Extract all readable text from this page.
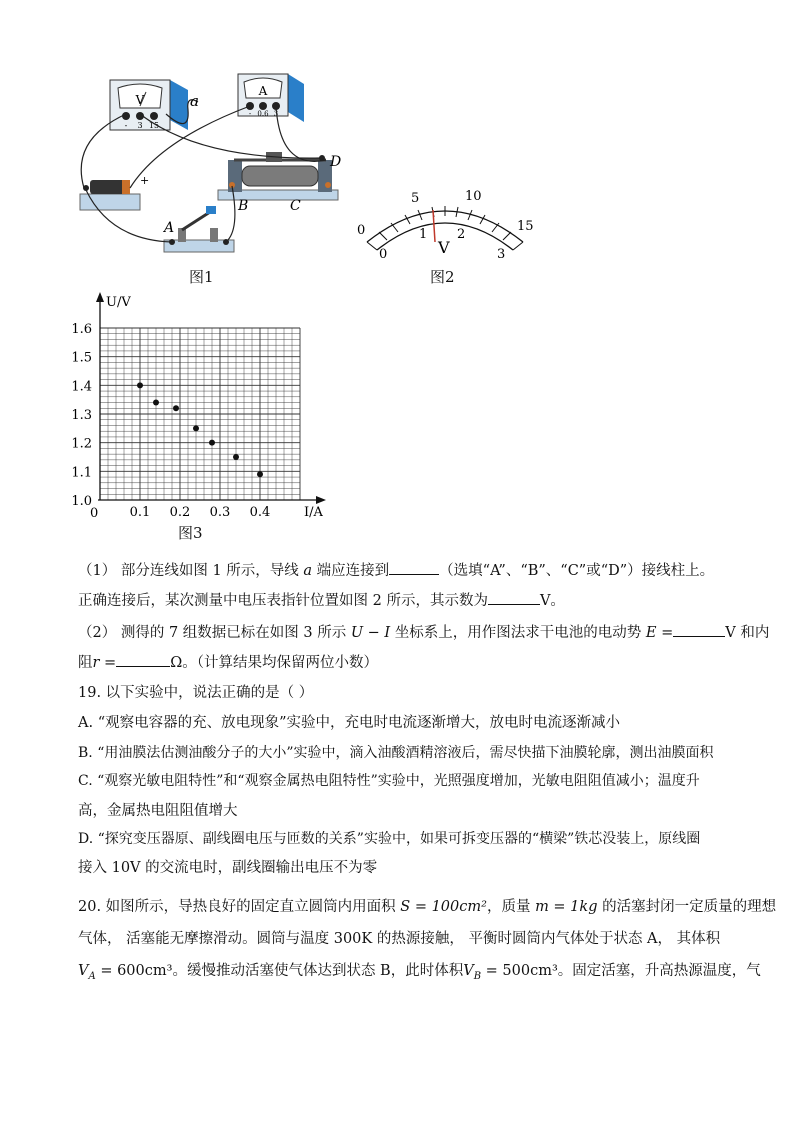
V
- 3 15
A
- 0.6 3
a
+
B	C
D
A
图1
0
5	10
15
0
1 2
3
V
图2
0.1 0.2 0.3 0.4
1.0
1.1
1.2
1.3
1.4
1.5
1.6
U/V
I/A
0
图3
（1） 部分连线如图 1 所示，导线 a 端应连接到	（选填“A”、“B”、“C”或“D”）接线柱上。
正确连接后，某次测量中电压表指针位置如图 2 所示，其示数为	V。
（2） 测得的 7 组数据已标在如图 3 所示 U − I 坐标系上，用作图法求干电池的电动势 E =	V 和内
阻r =	Ω。（计算结果均保留两位小数）
19. 以下实验中，说法正确的是（ ）
A. “观察电容器的充、放电现象”实验中，充电时电流逐渐增大，放电时电流逐渐减小
B. “用油膜法估测油酸分子的大小”实验中，滴入油酸酒精溶液后，需尽快描下油膜轮廓，测出油膜面积
C. “观察光敏电阻特性”和“观察金属热电阻特性”实验中，光照强度增加，光敏电阻阻值减小；温度升
高，金属热电阻阻值增大
D. “探究变压器原、副线圈电压与匝数的关系”实验中，如果可拆变压器的“横梁”铁芯没装上，原线圈
接入 10V 的交流电时，副线圈输出电压不为零
20. 如图所示，导热良好的固定直立圆筒内用面积 S = 100cm²，质量 m = 1kg 的活塞封闭一定质量的理想
气体， 活塞能无摩擦滑动。圆筒与温度 300K 的热源接触， 平衡时圆筒内气体处于状态 A， 其体积
$V_A = 600cm^3$。缓慢推动活塞使气体达到状态 B，此时体积$V_B = 500cm^3$。固定活塞，升高热源温度，气
